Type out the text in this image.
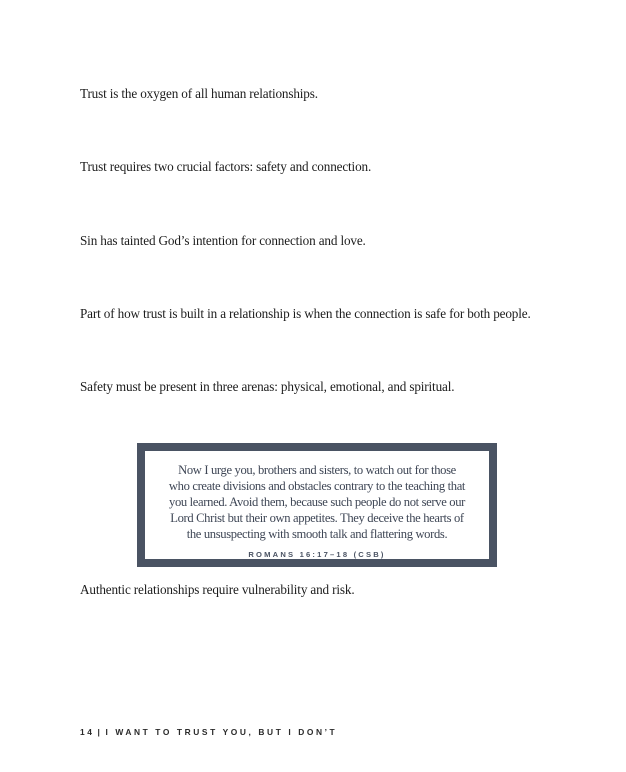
Trust is the oxygen of all human relationships.

Trust requires two crucial factors: safety and connection.

Sin has tainted God’s intention for connection and love.

Part of how trust is built in a relationship is when the connection is safe for both people.

Safety must be present in three arenas: physical, emotional, and spiritual.

Now I urge you, brothers and sisters, to watch out for those
who create divisions and obstacles contrary to the teaching that
you learned. Avoid them, because such people do not serve our
Lord Christ but their own appetites. They deceive the hearts of
the unsuspecting with smooth talk and flattering words.
ROMANS 16:17–18 (CSB)

Authentic relationships require vulnerability and risk.

14 | I WANT TO TRUST YOU, BUT I DON’T
